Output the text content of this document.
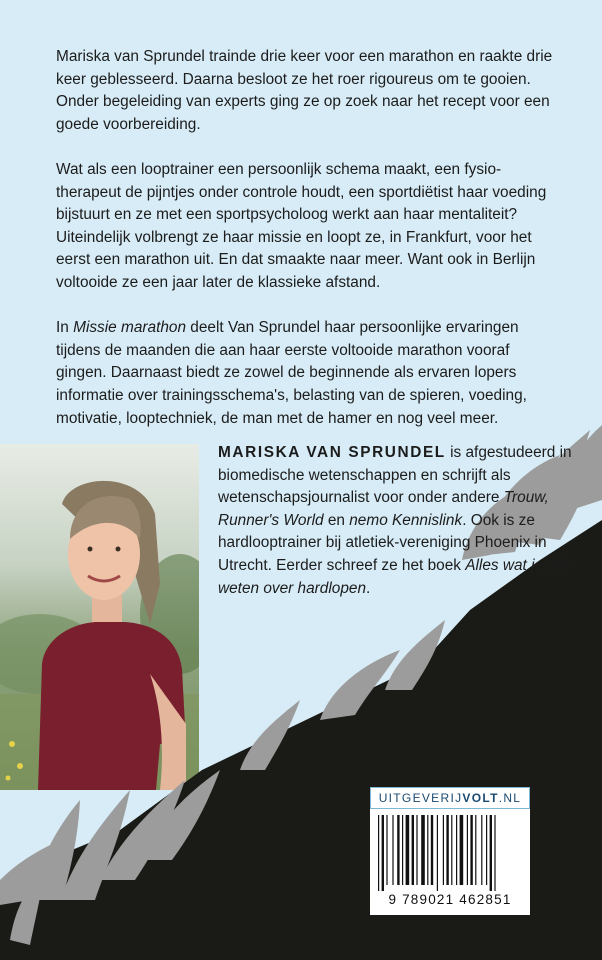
Mariska van Sprundel trainde drie keer voor een marathon en raakte drie keer geblesseerd. Daarna besloot ze het roer rigoureus om te gooien. Onder begeleiding van experts ging ze op zoek naar het recept voor een goede voorbereiding.

Wat als een looptrainer een persoonlijk schema maakt, een fysio-therapeut de pijntjes onder controle houdt, een sportdiëtist haar voeding bijstuurt en ze met een sportpsycholoog werkt aan haar mentaliteit? Uiteindelijk volbrengt ze haar missie en loopt ze, in Frankfurt, voor het eerst een marathon uit. En dat smaakte naar meer. Want ook in Berlijn voltooide ze een jaar later de klassieke afstand.

In Missie marathon deelt Van Sprundel haar persoonlijke ervaringen tijdens de maanden die aan haar eerste voltooide marathon vooraf gingen. Daarnaast biedt ze zowel de beginnende als ervaren lopers informatie over trainingsschema's, belasting van de spieren, voeding, motivatie, looptechniek, de man met de hamer en nog veel meer.

MARISKA VAN SPRUNDEL is afgestudeerd in biomedische wetenschappen en schrijft als wetenschapsjournalist voor onder andere Trouw, Runner's World en nemo Kennislink. Ook is ze hardlooptrainer bij atletiek-vereniging Phoenix in Utrecht. Eerder schreef ze het boek Alles wat je wilt weten over hardlopen.
UITGEVERIJVOLT.NL
9 789021 462851
